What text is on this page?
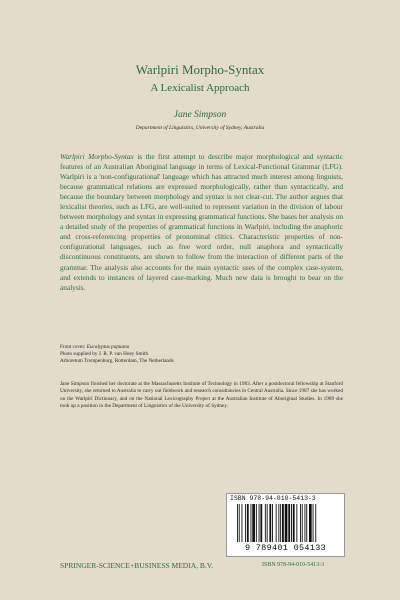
Warlpiri Morpho-Syntax
A Lexicalist Approach
Jane Simpson
Department of Linguistics, University of Sydney, Australia
Warlpiri Morpho-Syntax is the first attempt to describe major morphological and syntactic features of an Australian Aboriginal language in terms of Lexical-Functional Grammar (LFG). Warlpiri is a 'non-configurational' language which has attracted much interest among linguists, because grammatical relations are expressed morphologically, rather than syntactically, and because the boundary between morphology and syntax is not clear-cut. The author argues that lexicalist theories, such as LFG, are well-suited to represent variation in the division of labour between morphology and syntax in expressing grammatical functions. She bases her analysis on a detailed study of the properties of grammatical functions in Warlpiri, including the anaphoric and cross-referencing properties of pronominal clitics. Characteristic properties of non-configurational languages, such as free word order, null anaphora and syntactically discontinuous constituents, are shown to follow from the interaction of different parts of the grammar. The analysis also accounts for the main syntactic uses of the complex case-system, and extends to instances of layered case-marking. Much new data is brought to bear on the analysis.
Front cover: Eucalyptus papuana
Photo supplied by J. R. P. van Hoey Smith
Arboretum Trompenburg, Rotterdam, The Netherlands
Jane Simpson finished her doctorate at the Massachusetts Institute of Technology in 1983. After a postdoctoral fellowship at Stanford University, she returned to Australia to carry out fieldwork and research consultancies in Central Australia. Since 1987 she has worked on the Warlpiri Dictionary, and on the National Lexicography Project at the Australian Institute of Aboriginal Studies. In 1989 she took up a position in the Department of Linguistics of the University of Sydney.
ISBN 978-94-010-5413-3
9 789401 054133
SPRINGER-SCIENCE+BUSINESS MEDIA, B.V.	ISBN 978-94-010-5413-3
